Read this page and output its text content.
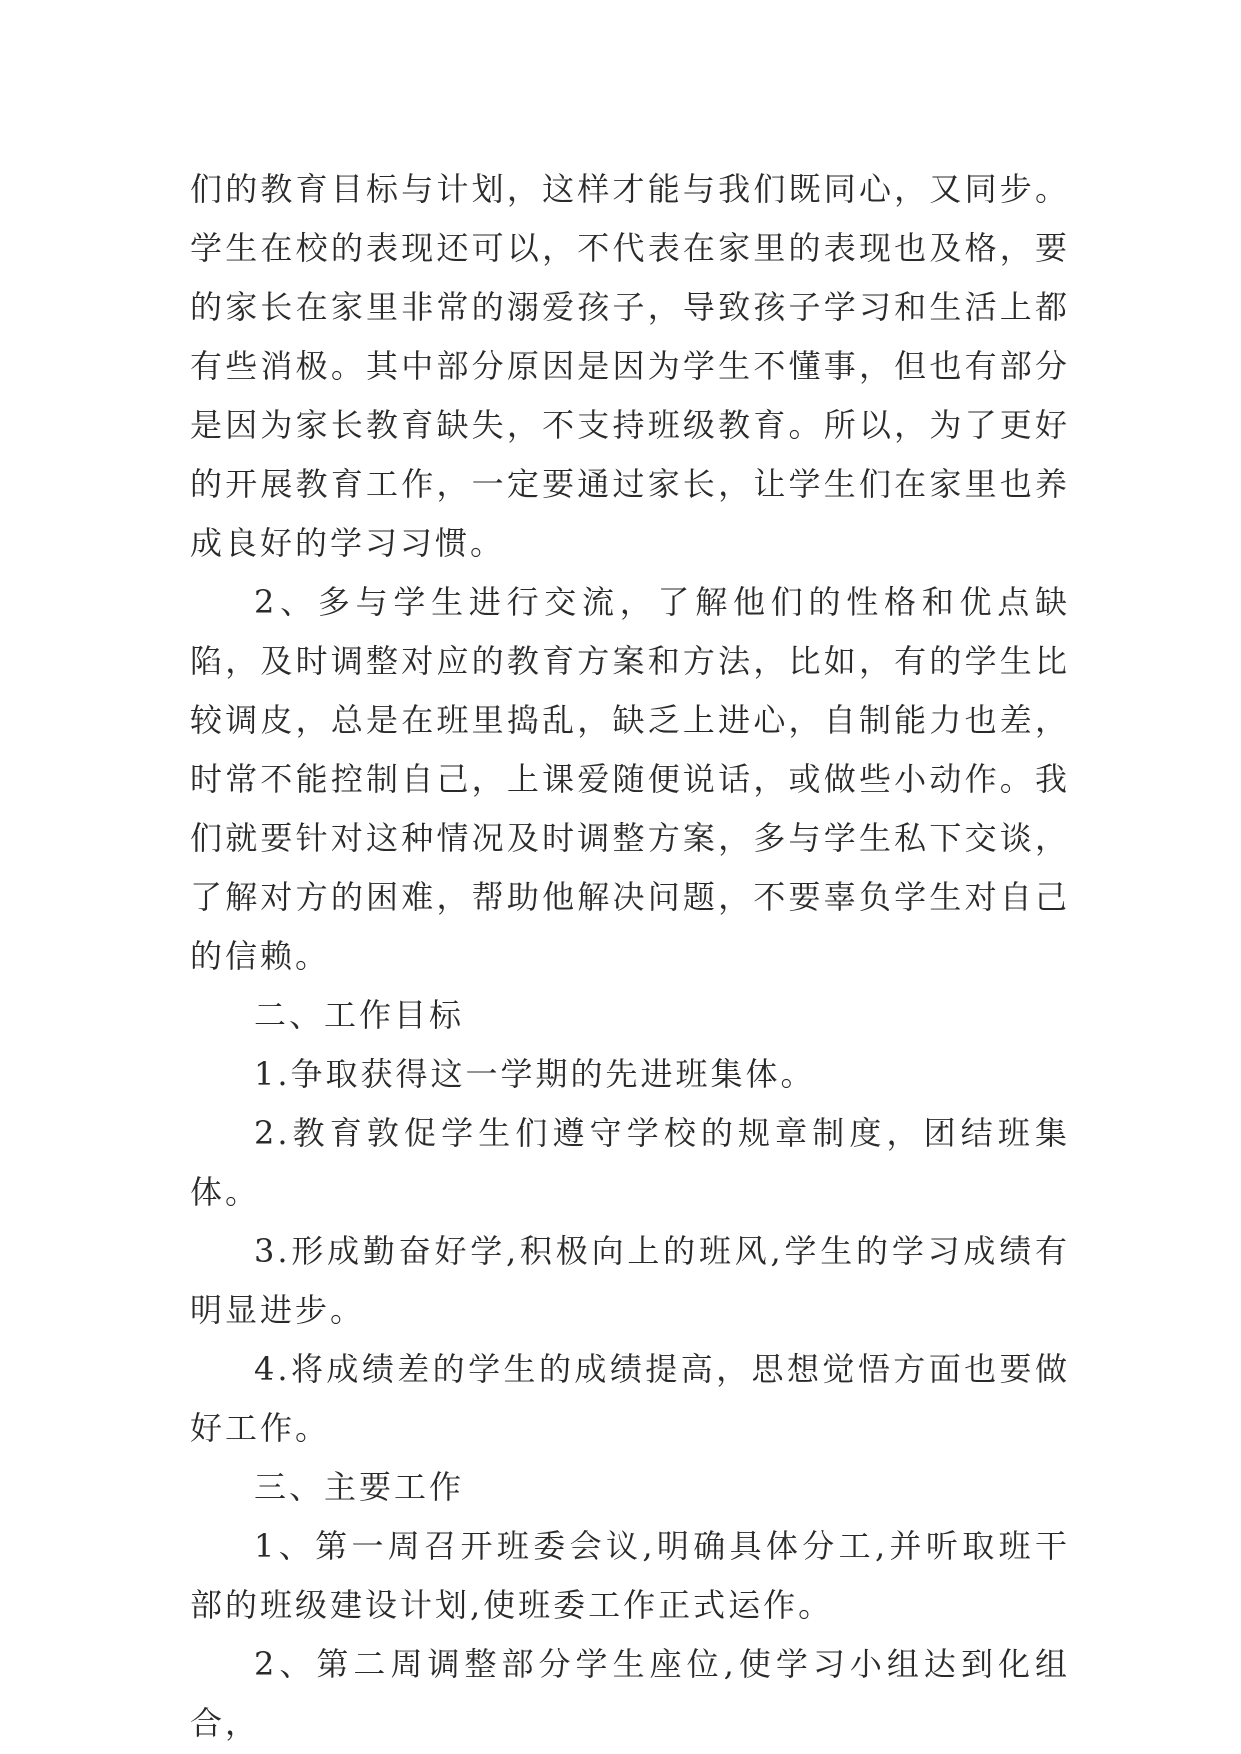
们的教育目标与计划，这样才能与我们既同心，又同步。学生在校的表现还可以，不代表在家里的表现也及格，要的家长在家里非常的溺爱孩子，导致孩子学习和生活上都有些消极。其中部分原因是因为学生不懂事，但也有部分是因为家长教育缺失，不支持班级教育。所以，为了更好的开展教育工作，一定要通过家长，让学生们在家里也养成良好的学习习惯。

2、多与学生进行交流，了解他们的性格和优点缺陷，及时调整对应的教育方案和方法，比如，有的学生比较调皮，总是在班里捣乱，缺乏上进心，自制能力也差，时常不能控制自己，上课爱随便说话，或做些小动作。我们就要针对这种情况及时调整方案，多与学生私下交谈，了解对方的困难，帮助他解决问题，不要辜负学生对自己的信赖。

二、工作目标

1.争取获得这一学期的先进班集体。

2.教育敦促学生们遵守学校的规章制度，团结班集体。

3.形成勤奋好学,积极向上的班风,学生的学习成绩有明显进步。

4.将成绩差的学生的成绩提高，思想觉悟方面也要做好工作。

三、主要工作

1、第一周召开班委会议,明确具体分工,并听取班干部的班级建设计划,使班委工作正式运作。

2、第二周调整部分学生座位,使学习小组达到化组合，
